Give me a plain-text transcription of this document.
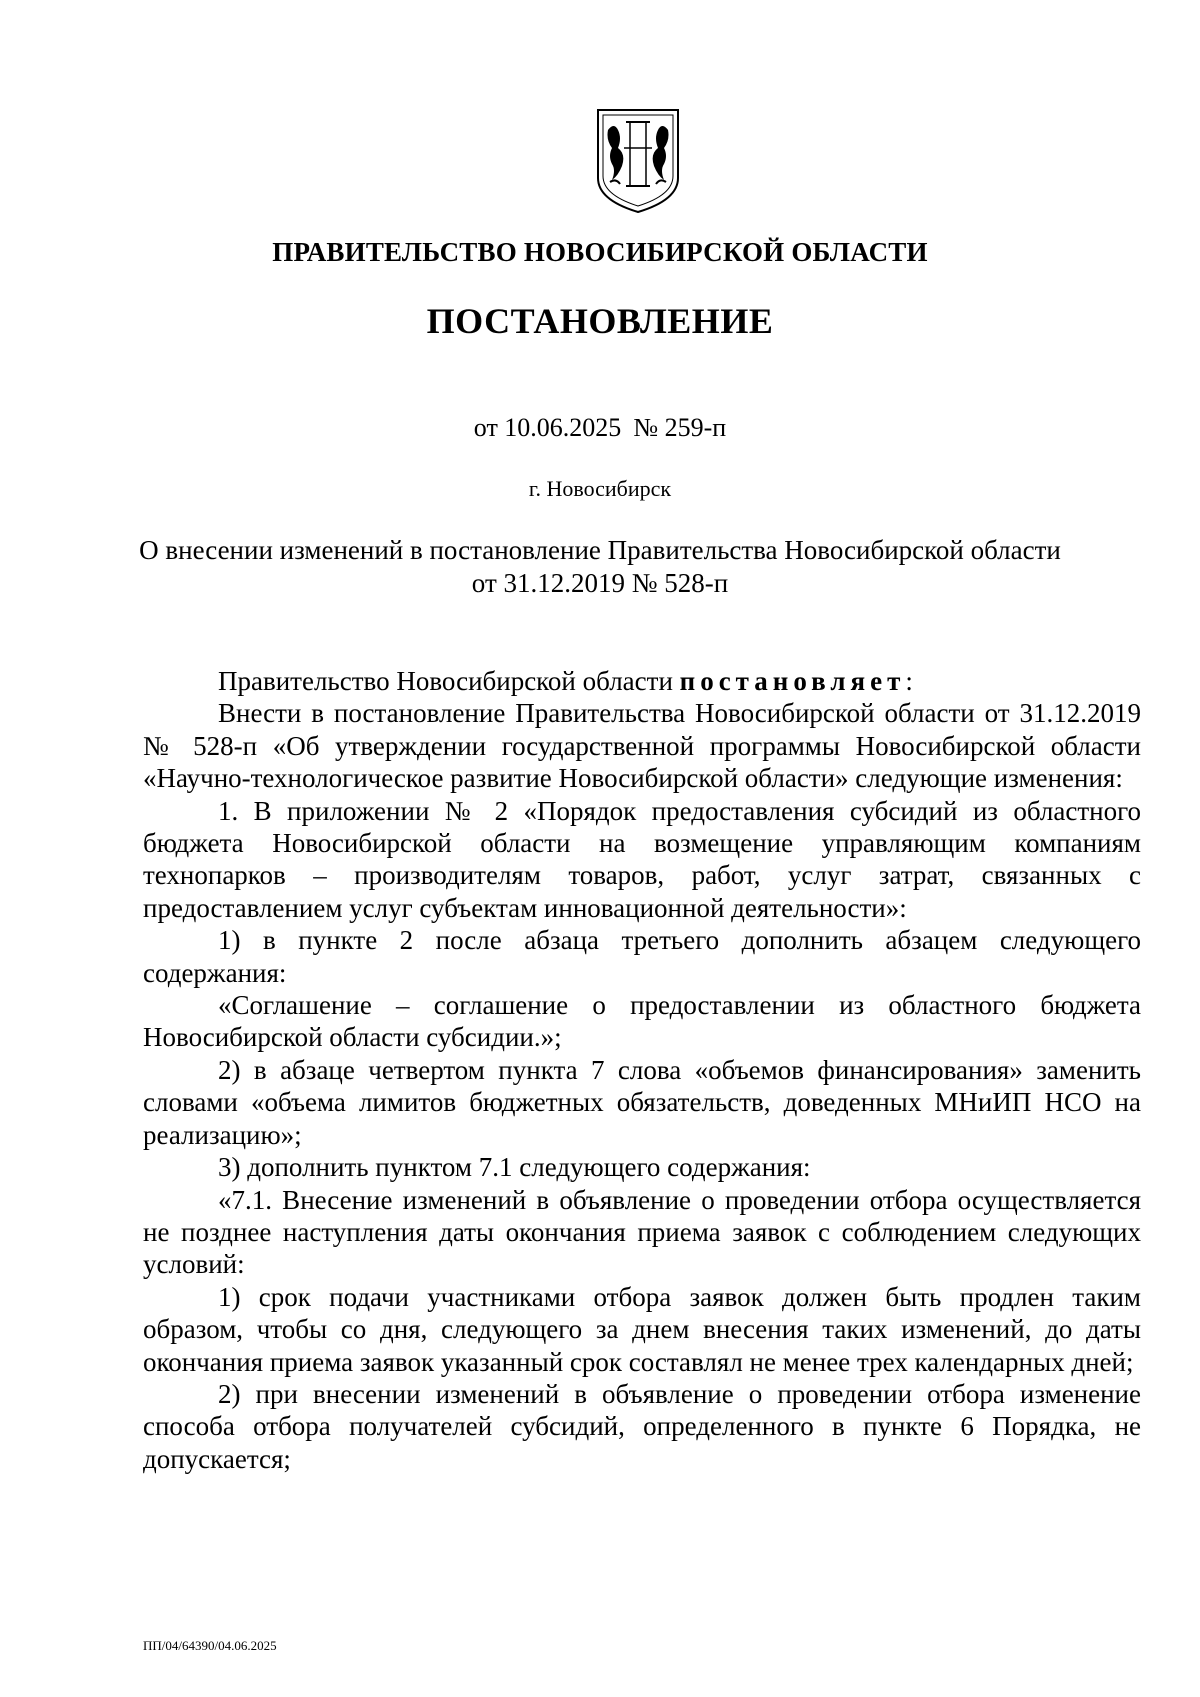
ПРАВИТЕЛЬСТВО НОВОСИБИРСКОЙ ОБЛАСТИ
ПОСТАНОВЛЕНИЕ
от 10.06.2025 № 259-п
г. Новосибирск
О внесении изменений в постановление Правительства Новосибирской области
от 31.12.2019 № 528-п

Правительство Новосибирской области постановляет:

Внести в постановление Правительства Новосибирской области от 31.12.2019 № 528-п «Об утверждении государственной программы Новосибирской области «Научно-технологическое развитие Новосибирской области» следующие изменения:

1. В приложении № 2 «Порядок предоставления субсидий из областного бюджета Новосибирской области на возмещение управляющим компаниям технопарков – производителям товаров, работ, услуг затрат, связанных с предоставлением услуг субъектам инновационной деятельности»:

1) в пункте 2 после абзаца третьего дополнить абзацем следующего содержания:

«Соглашение – соглашение о предоставлении из областного бюджета Новосибирской области субсидии.»;

2) в абзаце четвертом пункта 7 слова «объемов финансирования» заменить словами «объема лимитов бюджетных обязательств, доведенных МНиИП НСО на реализацию»;

3) дополнить пунктом 7.1 следующего содержания:

«7.1. Внесение изменений в объявление о проведении отбора осуществляется не позднее наступления даты окончания приема заявок с соблюдением следующих условий:

1) срок подачи участниками отбора заявок должен быть продлен таким образом, чтобы со дня, следующего за днем внесения таких изменений, до даты окончания приема заявок указанный срок составлял не менее трех календарных дней;

2) при внесении изменений в объявление о проведении отбора изменение способа отбора получателей субсидий, определенного в пункте 6 Порядка, не допускается;

ПП/04/64390/04.06.2025
